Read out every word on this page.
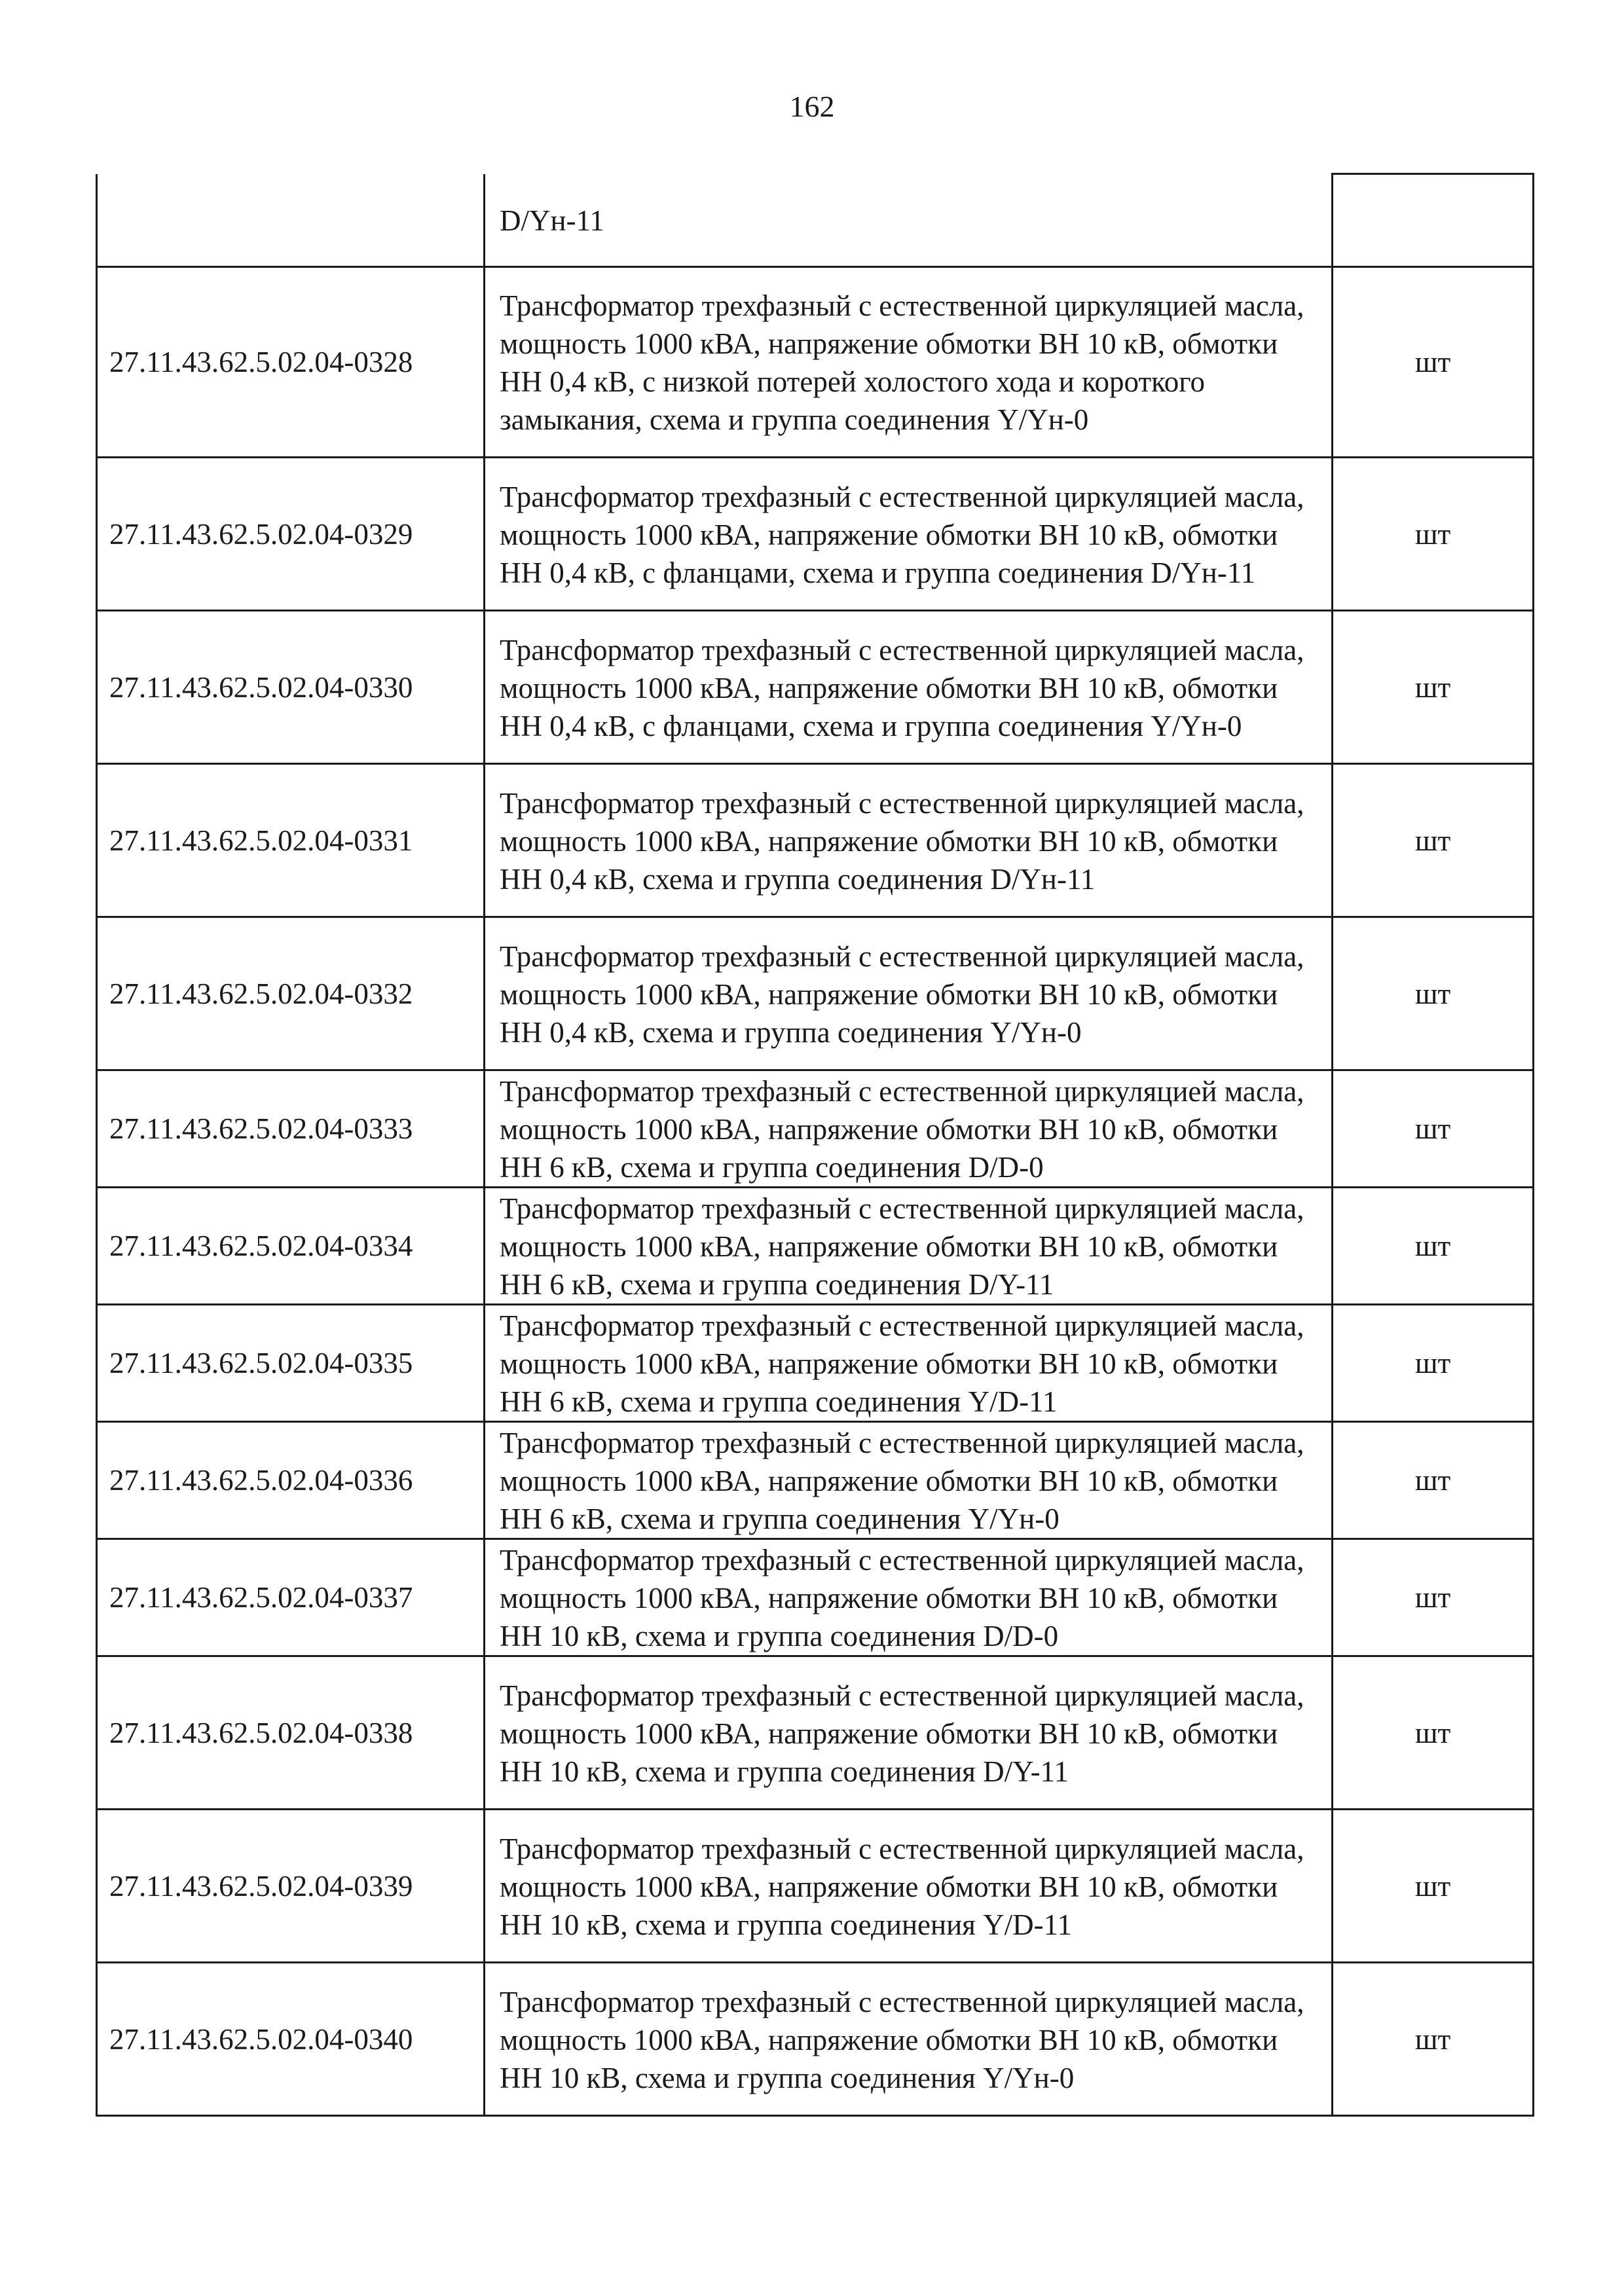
162
	D/Yн-11	
27.11.43.62.5.02.04-0328	Трансформатор трехфазный с естественной циркуляцией масла, мощность 1000 кВА, напряжение обмотки ВН 10 кВ, обмотки НН 0,4 кВ, с низкой потерей холостого хода и короткого замыкания, схема и группа соединения Y/Yн-0	шт
27.11.43.62.5.02.04-0329	Трансформатор трехфазный с естественной циркуляцией масла, мощность 1000 кВА, напряжение обмотки ВН 10 кВ, обмотки НН 0,4 кВ, с фланцами, схема и группа соединения D/Yн-11	шт
27.11.43.62.5.02.04-0330	Трансформатор трехфазный с естественной циркуляцией масла, мощность 1000 кВА, напряжение обмотки ВН 10 кВ, обмотки НН 0,4 кВ, с фланцами, схема и группа соединения Y/Yн-0	шт
27.11.43.62.5.02.04-0331	Трансформатор трехфазный с естественной циркуляцией масла, мощность 1000 кВА, напряжение обмотки ВН 10 кВ, обмотки НН 0,4 кВ, схема и группа соединения D/Yн-11	шт
27.11.43.62.5.02.04-0332	Трансформатор трехфазный с естественной циркуляцией масла, мощность 1000 кВА, напряжение обмотки ВН 10 кВ, обмотки НН 0,4 кВ, схема и группа соединения Y/Yн-0	шт
27.11.43.62.5.02.04-0333	Трансформатор трехфазный с естественной циркуляцией масла, мощность 1000 кВА, напряжение обмотки ВН 10 кВ, обмотки НН 6 кВ, схема и группа соединения D/D-0	шт
27.11.43.62.5.02.04-0334	Трансформатор трехфазный с естественной циркуляцией масла, мощность 1000 кВА, напряжение обмотки ВН 10 кВ, обмотки НН 6 кВ, схема и группа соединения D/Y-11	шт
27.11.43.62.5.02.04-0335	Трансформатор трехфазный с естественной циркуляцией масла, мощность 1000 кВА, напряжение обмотки ВН 10 кВ, обмотки НН 6 кВ, схема и группа соединения Y/D-11	шт
27.11.43.62.5.02.04-0336	Трансформатор трехфазный с естественной циркуляцией масла, мощность 1000 кВА, напряжение обмотки ВН 10 кВ, обмотки НН 6 кВ, схема и группа соединения Y/Yн-0	шт
27.11.43.62.5.02.04-0337	Трансформатор трехфазный с естественной циркуляцией масла, мощность 1000 кВА, напряжение обмотки ВН 10 кВ, обмотки НН 10 кВ, схема и группа соединения D/D-0	шт
27.11.43.62.5.02.04-0338	Трансформатор трехфазный с естественной циркуляцией масла, мощность 1000 кВА, напряжение обмотки ВН 10 кВ, обмотки НН 10 кВ, схема и группа соединения D/Y-11	шт
27.11.43.62.5.02.04-0339	Трансформатор трехфазный с естественной циркуляцией масла, мощность 1000 кВА, напряжение обмотки ВН 10 кВ, обмотки НН 10 кВ, схема и группа соединения Y/D-11	шт
27.11.43.62.5.02.04-0340	Трансформатор трехфазный с естественной циркуляцией масла, мощность 1000 кВА, напряжение обмотки ВН 10 кВ, обмотки НН 10 кВ, схема и группа соединения Y/Yн-0	шт
